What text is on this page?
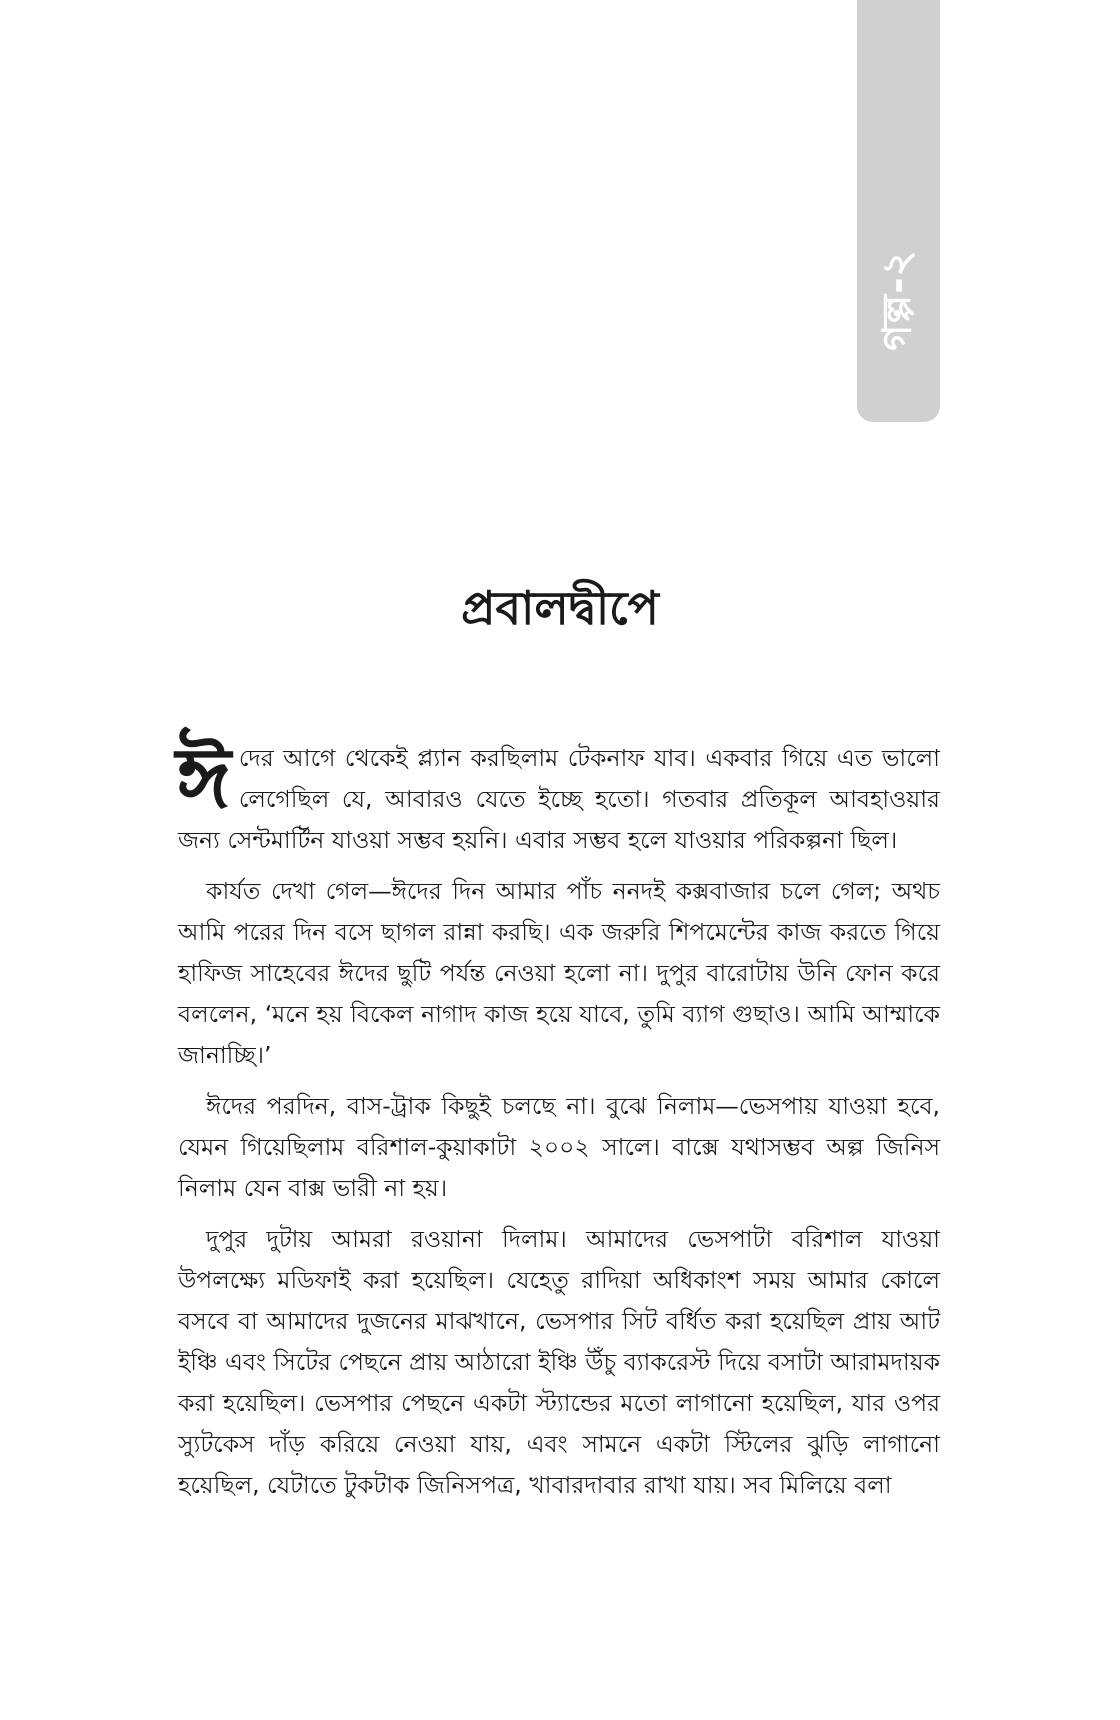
গল্প-২
প্রবালদ্বীপে

ঈদের আগে থেকেই প্ল্যান করছিলাম টেকনাফ যাব। একবার গিয়ে এত ভালো লেগেছিল যে, আবারও যেতে ইচ্ছে হতো। গতবার প্রতিকূল আবহাওয়ার জন্য সেন্টমার্টিন যাওয়া সম্ভব হয়নি। এবার সম্ভব হলে যাওয়ার পরিকল্পনা ছিল।

কার্যত দেখা গেল—ঈদের দিন আমার পাঁচ ননদই কক্সবাজার চলে গেল; অথচ আমি পরের দিন বসে ছাগল রান্না করছি। এক জরুরি শিপমেন্টের কাজ করতে গিয়ে হাফিজ সাহেবের ঈদের ছুটি পর্যন্ত নেওয়া হলো না। দুপুর বারোটায় উনি ফোন করে বললেন, ‘মনে হয় বিকেল নাগাদ কাজ হয়ে যাবে, তুমি ব্যাগ গুছাও। আমি আম্মাকে জানাচ্ছি।’

ঈদের পরদিন, বাস-ট্রাক কিছুই চলছে না। বুঝে নিলাম—ভেসপায় যাওয়া হবে, যেমন গিয়েছিলাম বরিশাল-কুয়াকাটা ২০০২ সালে। বাক্সে যথাসম্ভব অল্প জিনিস নিলাম যেন বাক্স ভারী না হয়।

দুপুর দুটায় আমরা রওয়ানা দিলাম। আমাদের ভেসপাটা বরিশাল যাওয়া উপলক্ষ্যে মডিফাই করা হয়েছিল। যেহেতু রাদিয়া অধিকাংশ সময় আমার কোলে বসবে বা আমাদের দুজনের মাঝখানে, ভেসপার সিট বর্ধিত করা হয়েছিল প্রায় আট ইঞ্চি এবং সিটের পেছনে প্রায় আঠারো ইঞ্চি উঁচু ব্যাকরেস্ট দিয়ে বসাটা আরামদায়ক করা হয়েছিল। ভেসপার পেছনে একটা স্ট্যান্ডের মতো লাগানো হয়েছিল, যার ওপর স্যুটকেস দাঁড় করিয়ে নেওয়া যায়, এবং সামনে একটা স্টিলের ঝুড়ি লাগানো হয়েছিল, যেটাতে টুকটাক জিনিসপত্র, খাবারদাবার রাখা যায়। সব মিলিয়ে বলা
